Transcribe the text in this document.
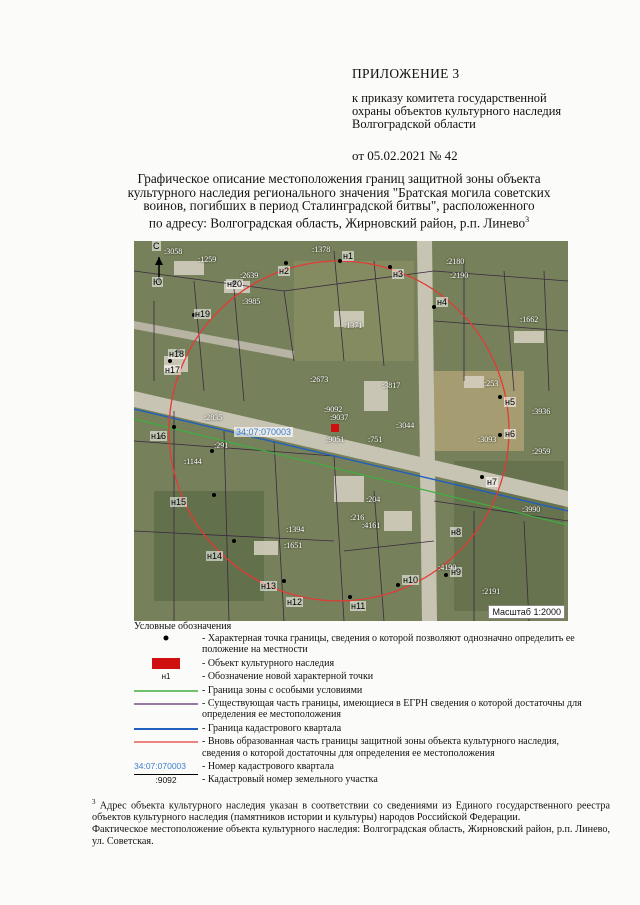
ПРИЛОЖЕНИЕ 3
к приказу комитета государственной
охраны объектов культурного наследия
Волгоградской области
от 05.02.2021 № 42
Графическое описание местоположения границ защитной зоны объекта
культурного наследия регионального значения "Братская могила советских
воинов, погибших в период Сталинградской битвы", расположенного
по адресу: Волгоградская область, Жирновский район, р.п. Линево$^3$
С
Ю
н1
н2	н3
н4
н5
н6
н7
н8
н9
н10
н11
н12
н13
н14
н15
н16
н17
н18
н19
н20
34:07:070003
:3058
:1259
:1378
:2639
:3985
:1371
:2673
:3817	:253
:9092
:9037
:9051	:751
:3044
:2835
:1144
:291
:204
:1394
:2190
:2191
:4190
:3093
:3936
:1662
:3990
:1651
:2180
:216
:4161
:2959
Масштаб 1:2000
Условные обозначения
- Характерная точка границы, сведения о которой позволяют однозначно определить ее положение на местности
- Объект культурного наследия
н1	- Обозначение новой характерной точки
- Граница зоны с особыми условиями
- Существующая часть границы, имеющиеся в ЕГРН сведения о которой достаточны для определения ее местоположения
- Граница кадастрового квартала
- Вновь образованная часть границы защитной зоны объекта культурного наследия, сведения о которой достаточны для определения ее местоположения
34:07:070003	- Номер кадастрового квартала
:9092	- Кадастровый номер земельного участка

$^3$ Адрес объекта культурного наследия указан в соответствии со сведениями из Единого государственного реестра объектов культурного наследия (памятников истории и культуры) народов Российской Федерации.

Фактическое местоположение объекта культурного наследия: Волгоградская область, Жирновский район, р.п. Линево, ул. Советская.
